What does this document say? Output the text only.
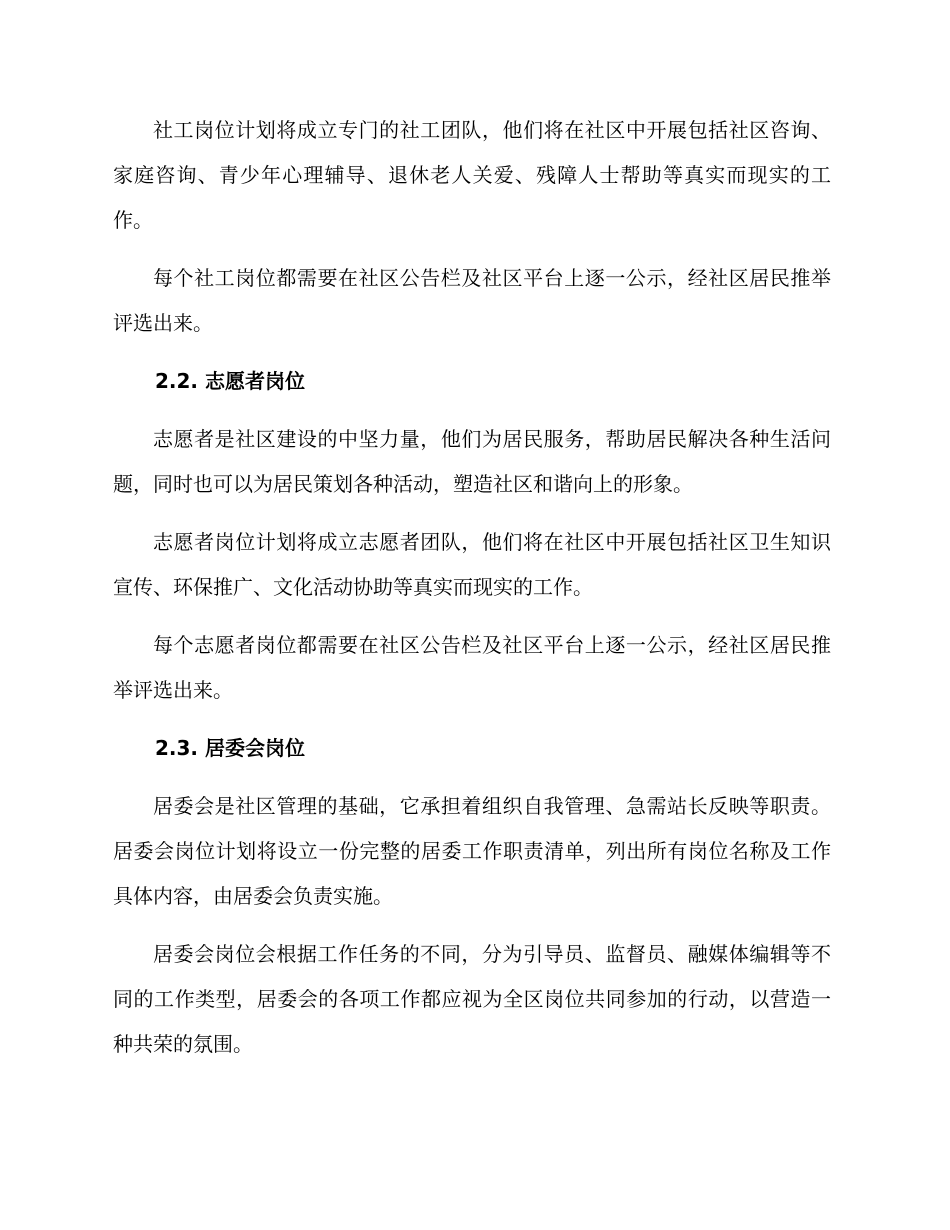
社工岗位计划将成立专门的社工团队，他们将在社区中开展包括社区咨询、家庭咨询、青少年心理辅导、退休老人关爱、残障人士帮助等真实而现实的工作。

每个社工岗位都需要在社区公告栏及社区平台上逐一公示，经社区居民推举评选出来。

2.2. 志愿者岗位

志愿者是社区建设的中坚力量，他们为居民服务，帮助居民解决各种生活问题，同时也可以为居民策划各种活动，塑造社区和谐向上的形象。

志愿者岗位计划将成立志愿者团队，他们将在社区中开展包括社区卫生知识宣传、环保推广、文化活动协助等真实而现实的工作。

每个志愿者岗位都需要在社区公告栏及社区平台上逐一公示，经社区居民推举评选出来。

2.3. 居委会岗位

居委会是社区管理的基础，它承担着组织自我管理、急需站长反映等职责。居委会岗位计划将设立一份完整的居委工作职责清单，列出所有岗位名称及工作具体内容，由居委会负责实施。

居委会岗位会根据工作任务的不同，分为引导员、监督员、融媒体编辑等不同的工作类型，居委会的各项工作都应视为全区岗位共同参加的行动，以营造一种共荣的氛围。
